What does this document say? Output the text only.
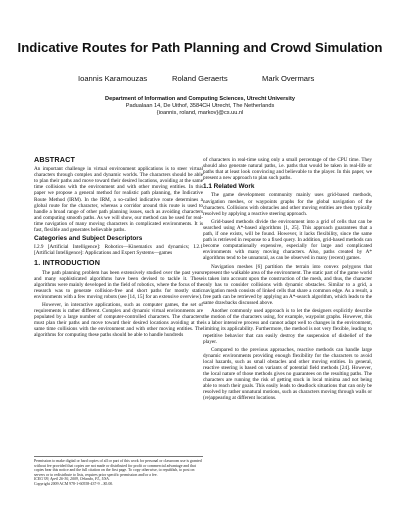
Indicative Routes for Path Planning and Crowd Simulation
Ioannis Karamouzas	Roland Geraerts	Mark Overmars
Department of Information and Computing Sciences, Utrecht University
Padualaan 14, De Uithof, 3584CH Utrecht, The Netherlands
{ioannis, roland, markov}@cs.uu.nl
ABSTRACT
An important challenge in virtual environment applications is to steer virtual characters through complex and dynamic worlds. The characters should be able to plan their paths and move toward their desired locations, avoiding at the same time collisions with the environment and with other moving entities. In this paper we propose a general method for realistic path planning, the Indicative Route Method (IRM). In the IRM, a so-called indicative route determines a global route for the character, whereas a corridor around this route is used to handle a broad range of other path planning issues, such as avoiding characters and computing smooth paths. As we will show, our method can be used for real-time navigation of many moving characters in complicated environments. It is fast, flexible and generates believable paths.
Categories and Subject Descriptors
I.2.9 [Artificial Intelligence]: Robotics—Kinematics and dynamics; I.2.1 [Artificial Intelligence]: Applications and Expert Systems—games
1. INTRODUCTION
The path planning problem has been extensively studied over the past years and many sophisticated algorithms have been devised to tackle it. These algorithms were mainly developed in the field of robotics, where the focus of the research was to generate collision-free and short paths for mostly static environments with a few moving robots (see [14, 15] for an extensive overview).
However, in interactive applications, such as computer games, the set of requirements is rather different. Complex and dynamic virtual environments are populated by a large number of computer-controlled characters. The characters must plan their paths and move toward their desired locations avoiding at the same time collisions with the environment and with other moving entities. The algorithms for computing these paths should be able to handle hundreds
Permission to make digital or hard copies of all or part of this work for personal or classroom use is granted without fee provided that copies are not made or distributed for profit or commercial advantage and that copies bear this notice and the full citation on the first page. To copy otherwise, to republish, to post on servers or to redistribute to lists, requires prior specific permission and/or a fee.
ICEG’09, April 26-30, 2009, Orlando, FL, USA.
Copyright 2009 ACM 978-1-60558-437-9 ...$5.00.
of characters in real-time using only a small percentage of the CPU time. They should also generate natural paths, i.e. paths that would be taken in real-life or paths that at least look convincing and believable to the player. In this paper, we present a new approach to plan such paths.
1.1 Related Work
The game development community mainly uses grid-based methods, navigation meshes, or waypoints graphs for the global navigation of the characters. Collisions with obstacles and other moving entities are then typically resolved by applying a reactive steering approach.
Grid-based methods divide the environment into a grid of cells that can be searched using A*-based algorithms [1, 25]. This approach guarantees that a path, if one exists, will be found. However, it lacks flexibility, since the same path is retrieved in response to a fixed query. In addition, grid-based methods can become computationally expensive, especially for large and complicated environments with many moving characters. Also, paths created by A* algorithms tend to be unnatural, as can be observed in many (recent) games.
Navigation meshes [6] partition the terrain into convex polygons that represent the walkable area of the environment. The static part of the game world is taken into account upon the construction of the mesh, and thus, the character only has to consider collisions with dynamic obstacles. Similar to a grid, a navigation mesh consists of linked cells that share a common edge. As a result, a free path can be retrieved by applying an A*-search algorithm, which leads to the same drawbacks discussed above.
Another commonly used approach is to let the designers explicitly describe the motion of the characters using, for example, waypoint graphs. However, this is a labor intensive process and cannot adapt well to changes in the environment, limiting its applicability. Furthermore, the method is not very flexible, leading to repetitive behavior that can easily destroy the suspension of disbelief of the player.
Compared to the previous approaches, reactive methods can handle large dynamic environments providing enough flexibility for the characters to avoid local hazards, such as small obstacles and other moving entities. In general, reactive steering is based on variants of potential field methods [24]. However, the local nature of those methods gives no guarantees on the resulting paths. The characters are running the risk of getting stuck in local minima and not being able to reach their goals. This easily leads to deadlock situations that can only be resolved by rather unnatural motions, such as characters moving through walls or (re)appearing at different locations.
